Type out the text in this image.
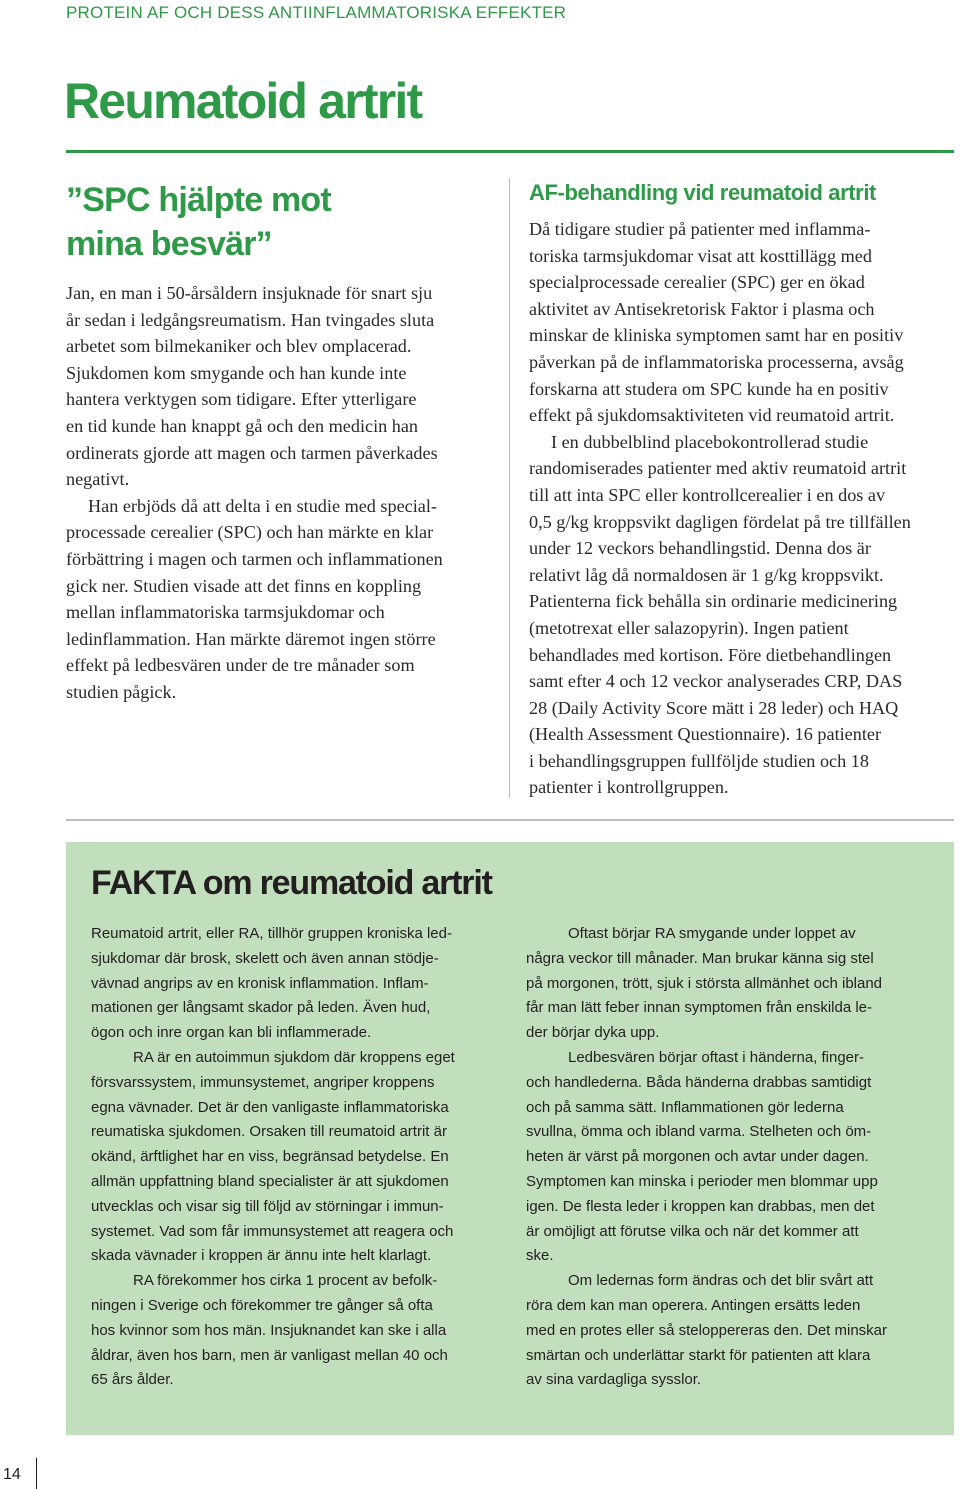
PROTEIN AF OCH DESS ANTIINFLAMMATORISKA EFFEKTER
Reumatoid artrit
”SPC hjälpte mot
mina besvär”

Jan, en man i 50-årsåldern insjuknade för snart sju
år sedan i ledgångsreumatism. Han tvingades sluta
arbetet som bilmekaniker och blev omplacerad.
Sjukdomen kom smygande och han kunde inte
hantera verktygen som tidigare. Efter ytterligare
en tid kunde han knappt gå och den medicin han
ordinerats gjorde att magen och tarmen påverkades
negativt.

Han erbjöds då att delta i en studie med special-
processade cerealier (SPC) och han märkte en klar
förbättring i magen och tarmen och inflammationen
gick ner. Studien visade att det finns en koppling
mellan inflammatoriska tarmsjukdomar och
ledinflammation. Han märkte däremot ingen större
effekt på ledbesvären under de tre månader som
studien pågick.

AF-behandling vid reumatoid artrit

Då tidigare studier på patienter med inflamma-
toriska tarmsjukdomar visat att kosttillägg med
specialprocessade cerealier (SPC) ger en ökad
aktivitet av Antisekretorisk Faktor i plasma och
minskar de kliniska symptomen samt har en positiv
påverkan på de inflammatoriska processerna, avsåg
forskarna att studera om SPC kunde ha en positiv
effekt på sjukdomsaktiviteten vid reumatoid artrit.

I en dubbelblind placebokontrollerad studie
randomiserades patienter med aktiv reumatoid artrit
till att inta SPC eller kontrollcerealier i en dos av
0,5 g/kg kroppsvikt dagligen fördelat på tre tillfällen
under 12 veckors behandlingstid. Denna dos är
relativt låg då normaldosen är 1 g/kg kroppsvikt.
Patienterna fick behålla sin ordinarie medicinering
(metotrexat eller salazopyrin). Ingen patient
behandlades med kortison. Före dietbehandlingen
samt efter 4 och 12 veckor analyserades CRP, DAS
28 (Daily Activity Score mätt i 28 leder) och HAQ
(Health Assessment Questionnaire). 16 patienter
i behandlingsgruppen fullföljde studien och 18
patienter i kontrollgruppen.

FAKTA om reumatoid artrit

Reumatoid artrit, eller RA, tillhör gruppen kroniska led-
sjukdomar där brosk, skelett och även annan stödje-
vävnad angrips av en kronisk inflammation. Inflam-
mationen ger långsamt skador på leden. Även hud,
ögon och inre organ kan bli inflammerade.

RA är en autoimmun sjukdom där kroppens eget
försvarssystem, immunsystemet, angriper kroppens
egna vävnader. Det är den vanligaste inflammatoriska
reumatiska sjukdomen. Orsaken till reumatoid artrit är
okänd, ärftlighet har en viss, begränsad betydelse. En
allmän uppfattning bland specialister är att sjukdomen
utvecklas och visar sig till följd av störningar i immun-
systemet. Vad som får immunsystemet att reagera och
skada vävnader i kroppen är ännu inte helt klarlagt.

RA förekommer hos cirka 1 procent av befolk-
ningen i Sverige och förekommer tre gånger så ofta
hos kvinnor som hos män. Insjuknandet kan ske i alla
åldrar, även hos barn, men är vanligast mellan 40 och
65 års ålder.

Oftast börjar RA smygande under loppet av
några veckor till månader. Man brukar känna sig stel
på morgonen, trött, sjuk i största allmänhet och ibland
får man lätt feber innan symptomen från enskilda le-
der börjar dyka upp.

Ledbesvären börjar oftast i händerna, finger-
och handlederna. Båda händerna drabbas samtidigt
och på samma sätt. Inflammationen gör lederna
svullna, ömma och ibland varma. Stelheten och öm-
heten är värst på morgonen och avtar under dagen.
Symptomen kan minska i perioder men blommar upp
igen. De flesta leder i kroppen kan drabbas, men det
är omöjligt att förutse vilka och när det kommer att
ske.

Om ledernas form ändras och det blir svårt att
röra dem kan man operera. Antingen ersätts leden
med en protes eller så steloppereras den. Det minskar
smärtan och underlättar starkt för patienten att klara
av sina vardagliga sysslor.

14
